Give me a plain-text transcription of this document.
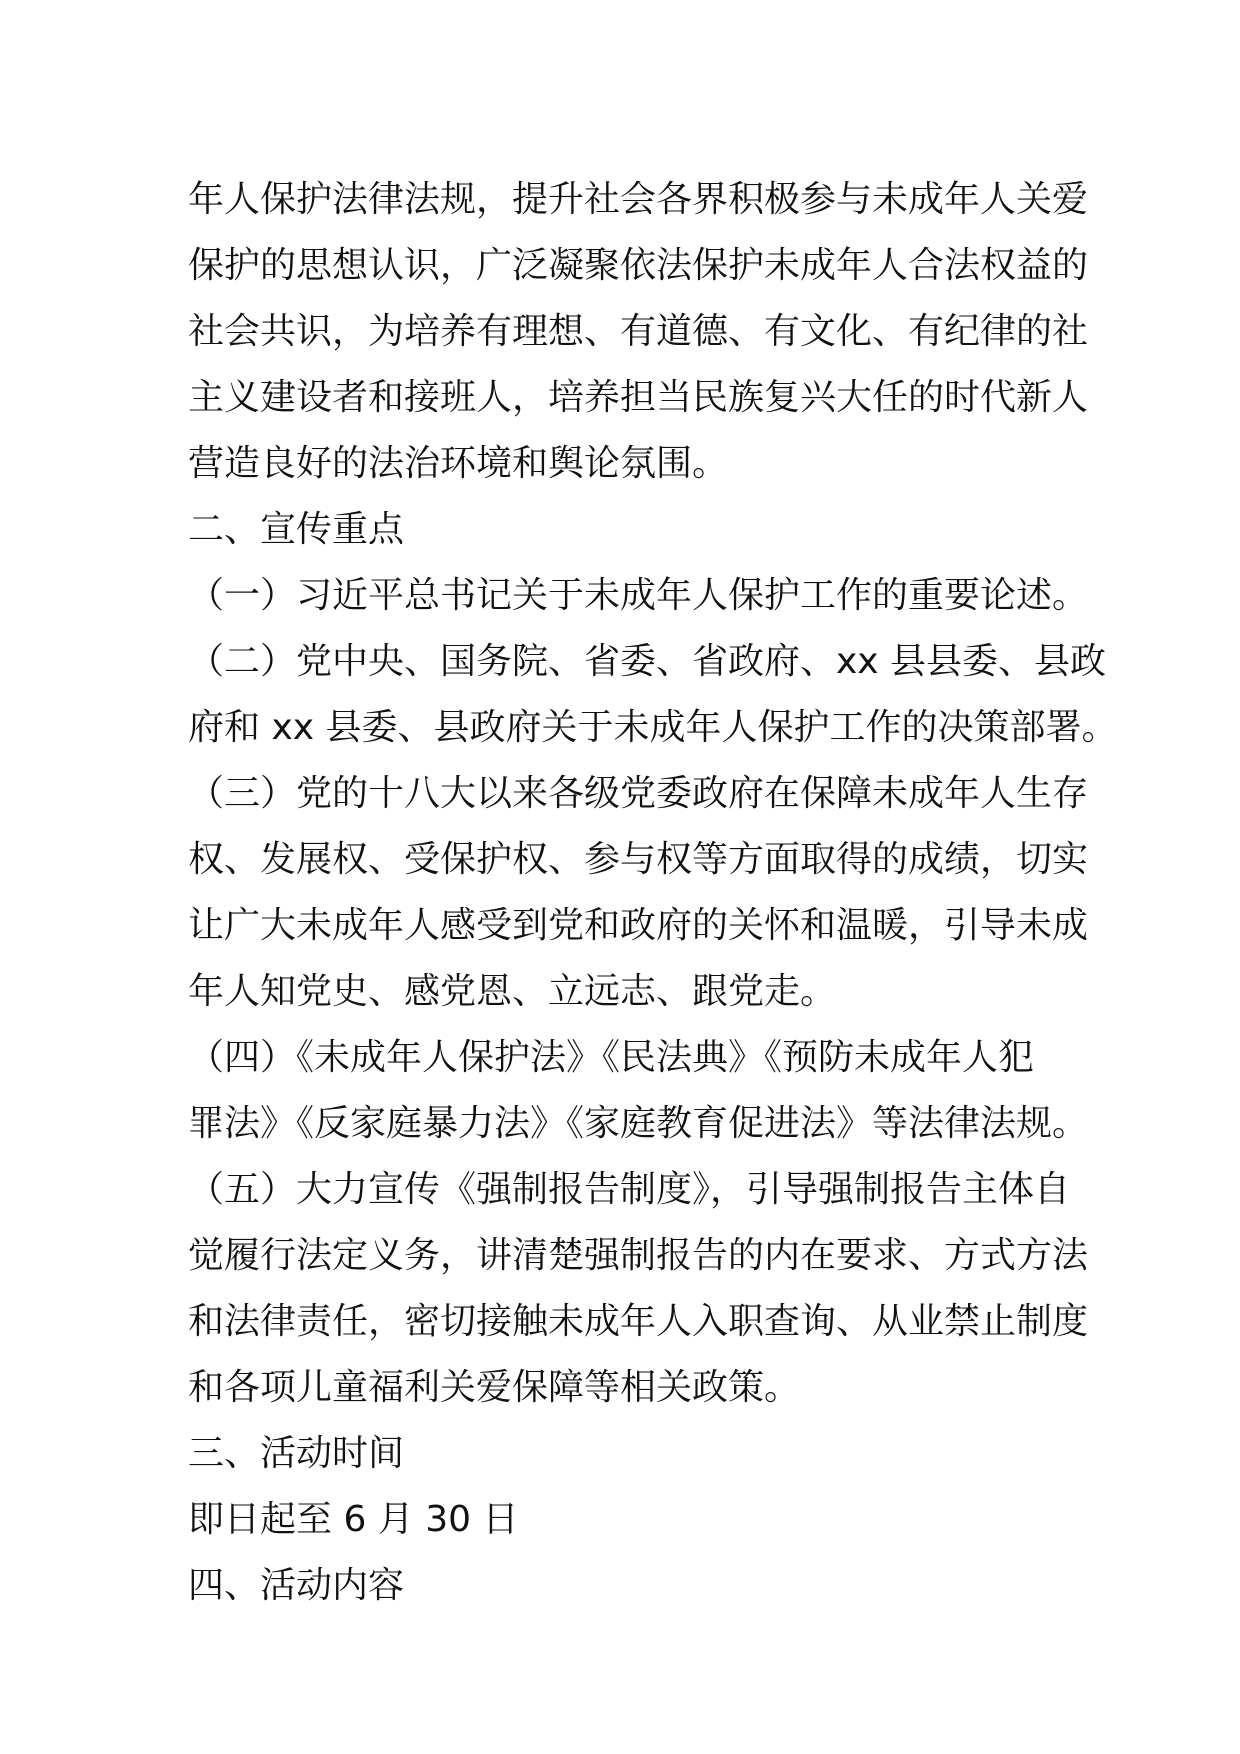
年人保护法律法规，提升社会各界积极参与未成年人关爱
保护的思想认识，广泛凝聚依法保护未成年人合法权益的
社会共识，为培养有理想、有道德、有文化、有纪律的社
主义建设者和接班人，培养担当民族复兴大任的时代新人
营造良好的法治环境和舆论氛围。
二、宣传重点
（一）习近平总书记关于未成年人保护工作的重要论述。
（二）党中央、国务院、省委、省政府、xx 县县委、县政
府和 xx 县委、县政府关于未成年人保护工作的决策部署。
（三）党的十八大以来各级党委政府在保障未成年人生存
权、发展权、受保护权、参与权等方面取得的成绩，切实
让广大未成年人感受到党和政府的关怀和温暖，引导未成
年人知党史、感党恩、立远志、跟党走。
（四）《未成年人保护法》《民法典》《预防未成年人犯
罪法》《反家庭暴力法》《家庭教育促进法》等法律法规。
（五）大力宣传《强制报告制度》，引导强制报告主体自
觉履行法定义务，讲清楚强制报告的内在要求、方式方法
和法律责任，密切接触未成年人入职查询、从业禁止制度
和各项儿童福利关爱保障等相关政策。
三、活动时间
即日起至 6 月 30 日
四、活动内容
